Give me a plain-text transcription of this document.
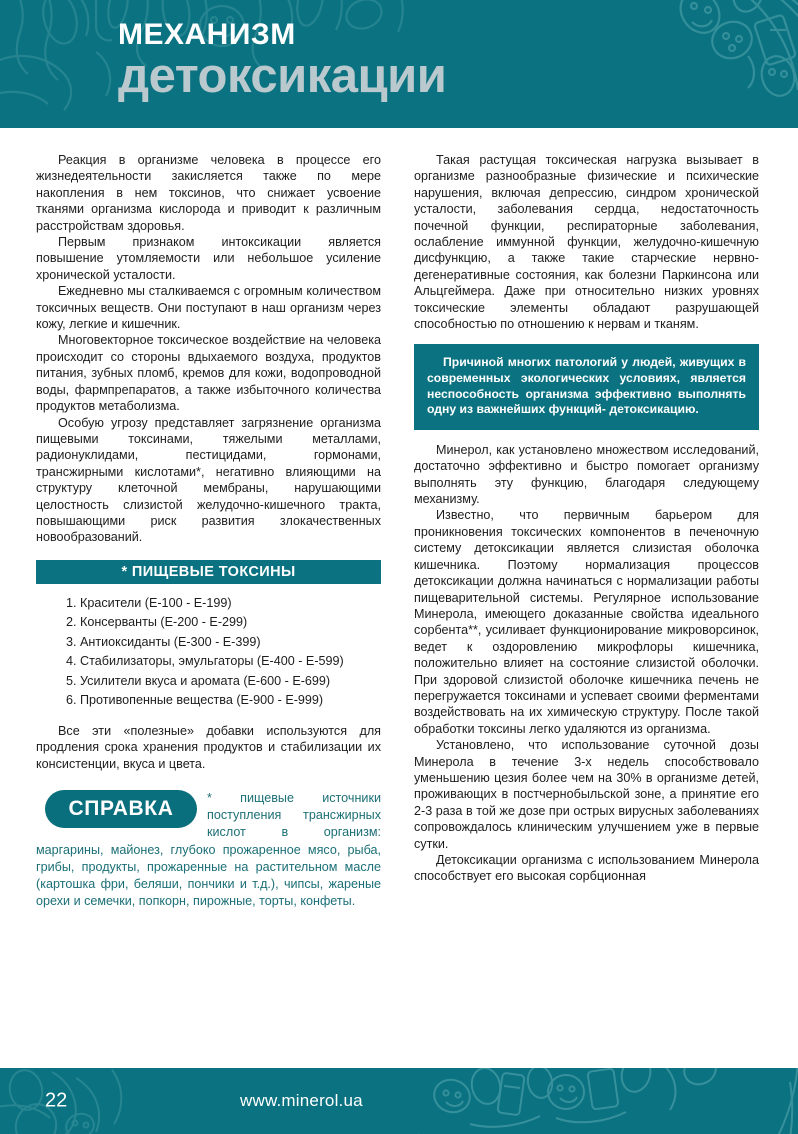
МЕХАНИЗМ
детоксикации

Реакция в организме человека в процессе его жизнедеятельности закисляется также по мере накопления в нем токсинов, что снижает усвоение тканями организма кислорода и приводит к различным расстройствам здоровья.

Первым признаком интоксикации является повышение утомляемости или небольшое усиление хронической усталости.

Ежедневно мы сталкиваемся с огромным количеством токсичных веществ. Они поступают в наш организм через кожу, легкие и кишечник.

Многовекторное токсическое воздействие на человека происходит со стороны вдыхаемого воздуха, продуктов питания, зубных пломб, кремов для кожи, водопроводной воды, фармпрепаратов, а также избыточного количества продуктов метаболизма.

Особую угрозу представляет загрязнение организма пищевыми токсинами, тяжелыми металлами, радионуклидами, пестицидами, гормонами, трансжирными кислотами*, негативно влияющими на структуру клеточной мембраны, нарушающими целостность слизистой желудочно-кишечного тракта, повышающими риск развития злокачественных новообразований.

* ПИЩЕВЫЕ ТОКСИНЫ
1. Красители (Е-100 - Е-199)
2. Консерванты (Е-200 - Е-299)
3. Антиоксиданты (Е-300 - Е-399)
4. Стабилизаторы, эмульгаторы (Е-400 - Е-599)
5. Усилители вкуса и аромата (Е-600 - Е-699)
6. Противопенные вещества (Е-900 - Е-999)

Все эти «полезные» добавки используются для продления срока хранения продуктов и стабилизации их консистенции, вкуса и цвета.

СПРАВКА	* пищевые источники поступления трансжирных кислот в организм: маргарины, майонез, глубоко прожаренное мясо, рыба, грибы, продукты, прожаренные на растительном масле (картошка фри, беляши, пончики и т.д.), чипсы, жареные орехи и семечки, попкорн, пирожные, торты, конфеты.

Такая растущая токсическая нагрузка вызывает в организме разнообразные физические и психические нарушения, включая депрессию, синдром хронической усталости, заболевания сердца, недостаточность почечной функции, респираторные заболевания, ослабление иммунной функции, желудочно-кишечную дисфункцию, а также такие старческие нервно-дегенеративные состояния, как болезни Паркинсона или Альцгеймера. Даже при относительно низких уровнях токсические элементы обладают разрушающей способностью по отношению к нервам и тканям.

Причиной многих патологий у людей, живущих в современных экологических условиях, является неспособность организма эффективно выполнять одну из важнейших функций- детоксикацию.

Минерол, как установлено множеством исследований, достаточно эффективно и быстро помогает организму выполнять эту функцию, благодаря следующему механизму.

Известно, что первичным барьером для проникновения токсических компонентов в печеночную систему детоксикации является слизистая оболочка кишечника. Поэтому нормализация процессов детоксикации должна начинаться с нормализации работы пищеварительной системы. Регулярное использование Минерола, имеющего доказанные свойства идеального сорбента**, усиливает функционирование микроворсинок, ведет к оздоровлению микрофлоры кишечника, положительно влияет на состояние слизистой оболочки. При здоровой слизистой оболочке кишечника печень не перегружается токсинами и успевает своими ферментами воздействовать на их химическую структуру. После такой обработки токсины легко удаляются из организма.

Установлено, что использование суточной дозы Минерола в течение 3-х недель способствовало уменьшению цезия более чем на 30% в организме детей, проживающих в постчернобыльской зоне, а принятие его 2-3 раза в той же дозе при острых вирусных заболеваниях сопровождалось клиническим улучшением уже в первые сутки.

Детоксикации организма с использованием Минерола способствует его высокая сорбционная

22	www.minerol.ua
